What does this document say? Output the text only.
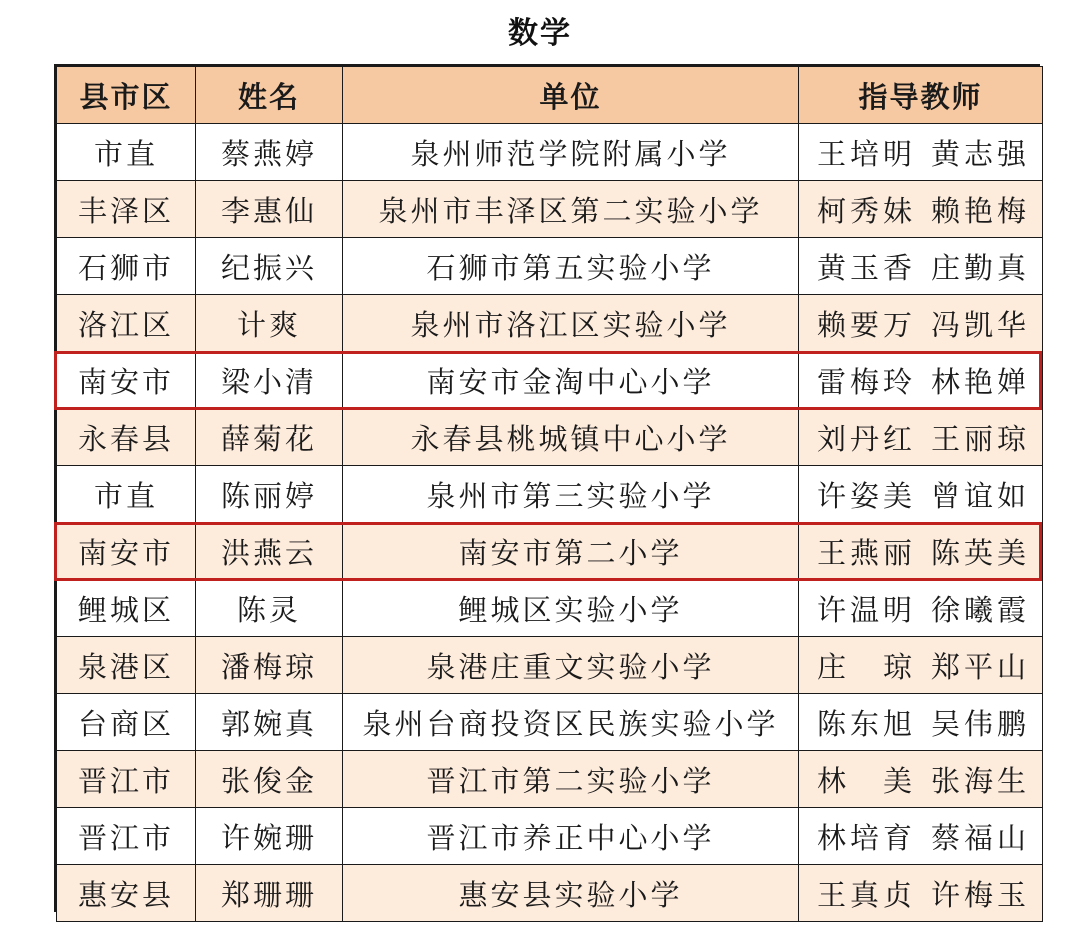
数学
县市区	姓名	单位	指导教师
市直	蔡燕婷	泉州师范学院附属小学	王培明 黄志强
丰泽区	李惠仙	泉州市丰泽区第二实验小学	柯秀妹 赖艳梅
石狮市	纪振兴	石狮市第五实验小学	黄玉香 庄勤真
洛江区	计爽	泉州市洛江区实验小学	赖要万 冯凯华
南安市	梁小清	南安市金淘中心小学	雷梅玲 林艳婵
永春县	薛菊花	永春县桃城镇中心小学	刘丹红 王丽琼
市直	陈丽婷	泉州市第三实验小学	许姿美 曾谊如
南安市	洪燕云	南安市第二小学	王燕丽 陈英美
鲤城区	陈灵	鲤城区实验小学	许温明 徐曦霞
泉港区	潘梅琼	泉港庄重文实验小学	庄　琼 郑平山
台商区	郭婉真	泉州台商投资区民族实验小学	陈东旭 吴伟鹏
晋江市	张俊金	晋江市第二实验小学	林　美 张海生
晋江市	许婉珊	晋江市养正中心小学	林培育 蔡福山
惠安县	郑珊珊	惠安县实验小学	王真贞 许梅玉
